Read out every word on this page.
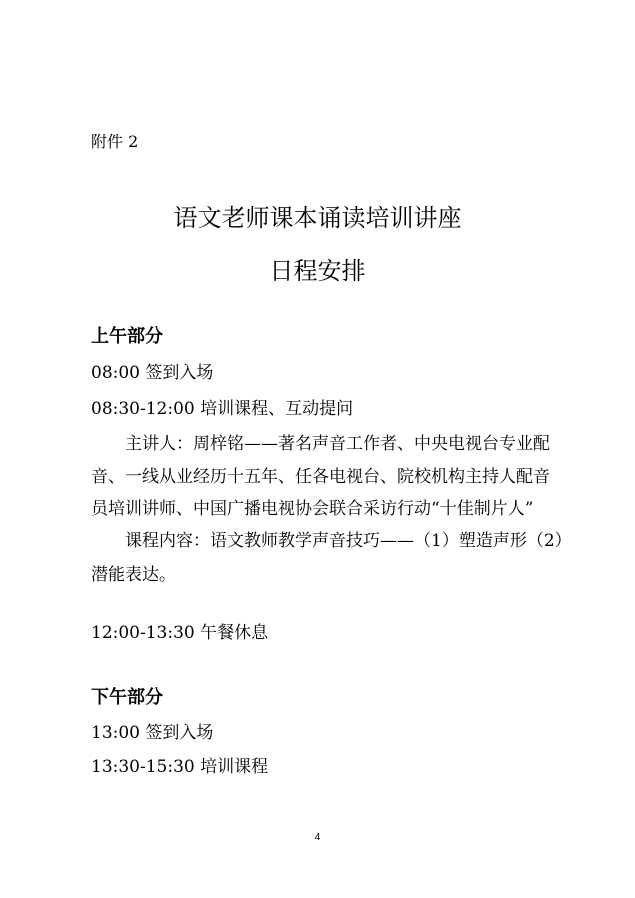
附件 2
语文老师课本诵读培训讲座
日程安排
上午部分
08:00 签到入场
08:30-12:00 培训课程、互动提问
主讲人：周梓铭——著名声音工作者、中央电视台专业配
音、一线从业经历十五年、任各电视台、院校机构主持人配音
员培训讲师、中国广播电视协会联合采访行动“十佳制片人”
课程内容：语文教师教学声音技巧——（1）塑造声形（2）
潜能表达。
12:00-13:30 午餐休息
下午部分
13:00 签到入场
13:30-15:30 培训课程
4
